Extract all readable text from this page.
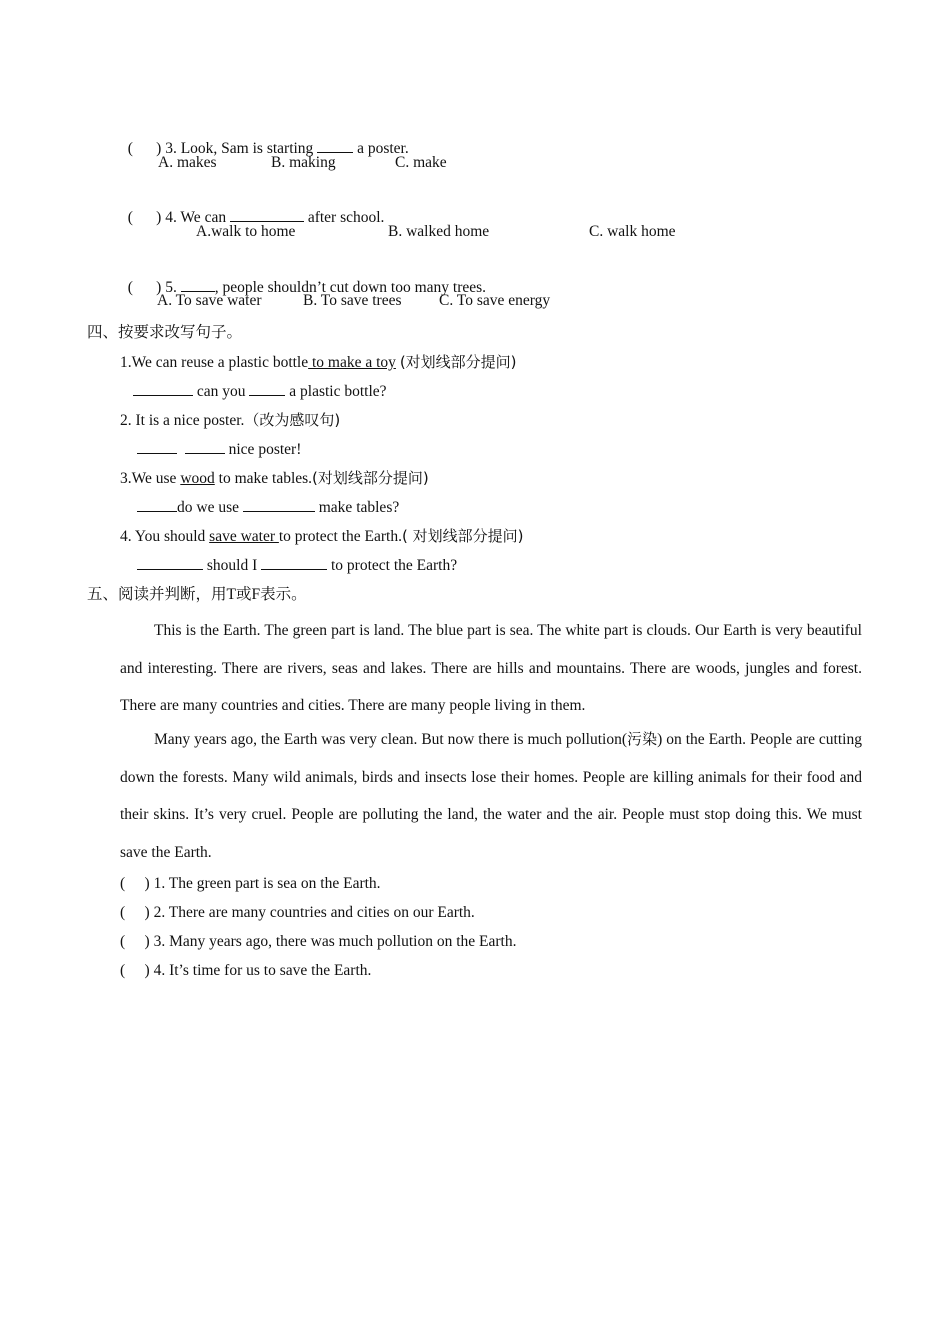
(      ) 3. Look, Sam is starting	a poster.

A. makes	B. making	C. make

(      ) 4. We can	after school.

A.walk to home	B. walked home	C. walk home

(      ) 5. , people shouldn’t cut down too many trees.

A. To save water	B. To save trees C. To save energy
四、按要求改写句子。
1.We can reuse a plastic bottle to make a toy (对划线部分提问)
can you  a plastic bottle?
2. It is a nice poster.（改为感叹句)
nice poster!
3.We use wood to make tables.(对划线部分提问)
do we use	make tables?
4. You should save water to protect the Earth.( 对划线部分提问)
should I	to protect the Earth?
五、阅读并判断，用T或F表示。
This is the Earth. The green part is land. The blue part is sea. The white part is clouds. Our Earth is very beautiful and interesting. There are rivers, seas and lakes. There are hills and mountains. There are woods, jungles and forest. There are many countries and cities. There are many people living in them.
Many years ago, the Earth was very clean. But now there is much pollution(污染) on the Earth. People are cutting down the forests. Many wild animals, birds and insects lose their homes. People are killing animals for their food and their skins. It’s very cruel. People are polluting the land, the water and the air. People must stop doing this. We must save the Earth.
(     ) 1. The green part is sea on the Earth.
(     ) 2. There are many countries and cities on our Earth.
(     ) 3. Many years ago, there was much pollution on the Earth.
(     ) 4. It’s time for us to save the Earth.
